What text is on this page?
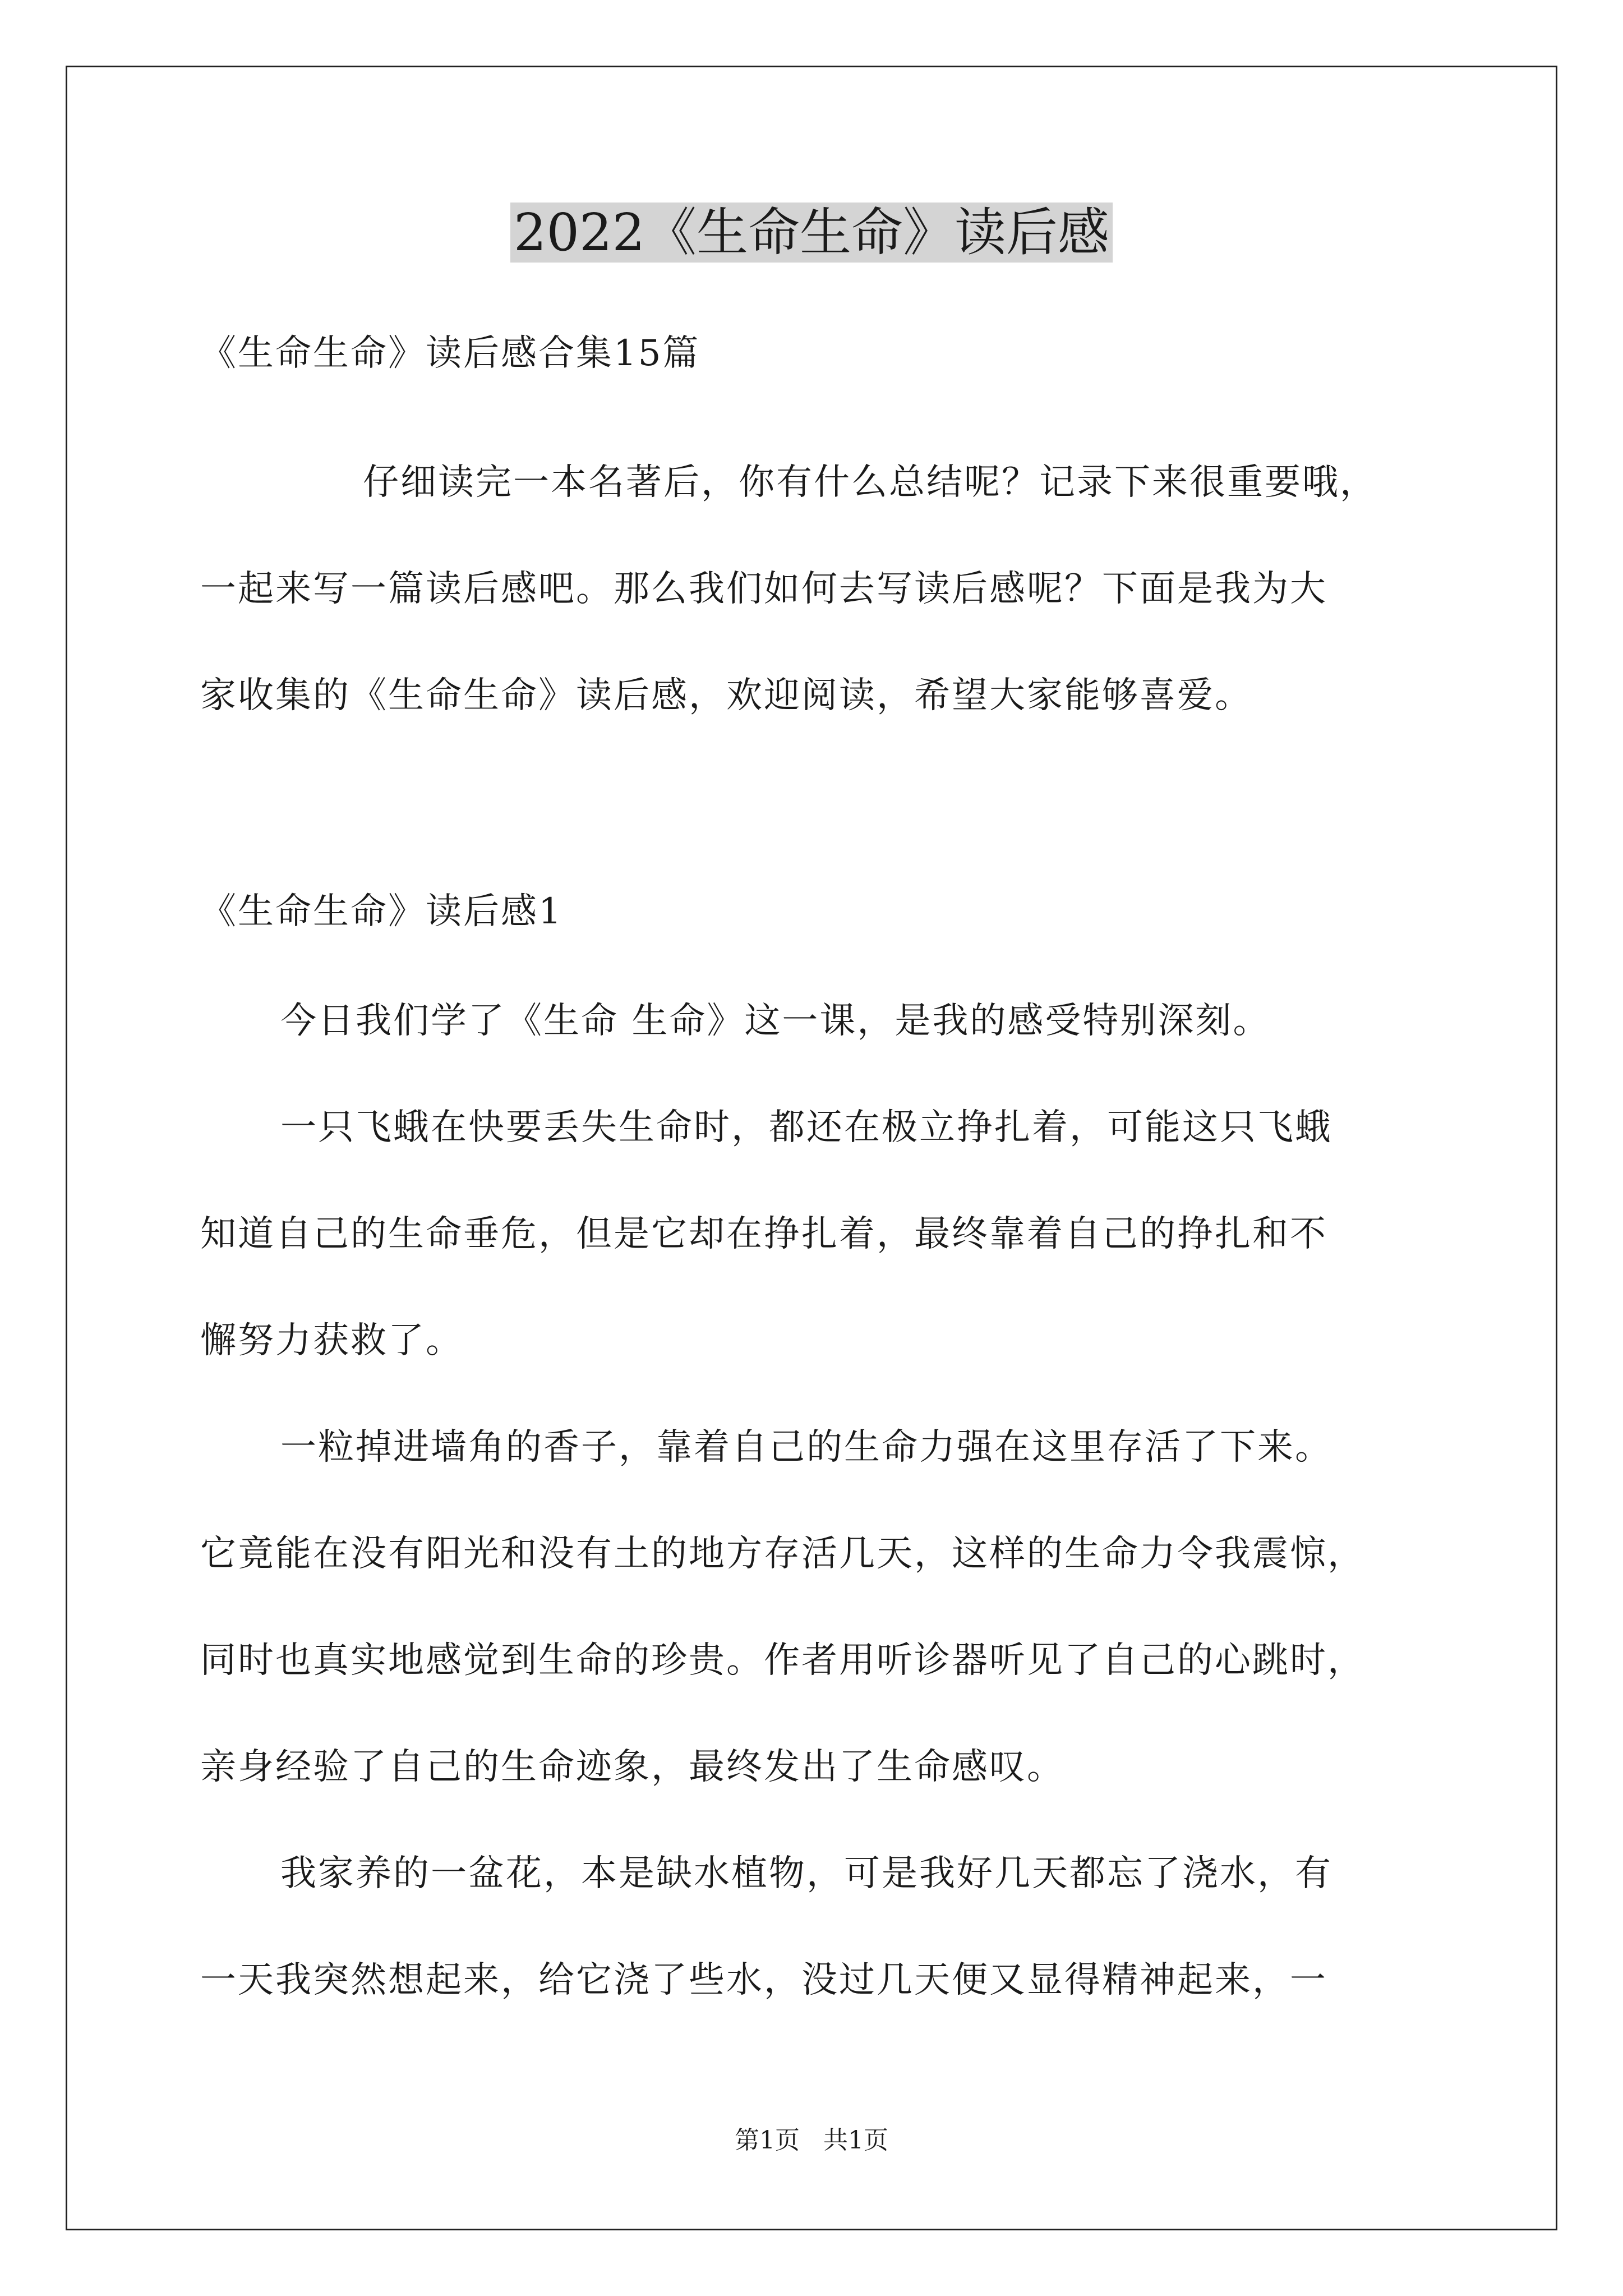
2022《生命生命》读后感
《生命生命》读后感合集15篇
仔细读完一本名著后，你有什么总结呢？记录下来很重要哦，
一起来写一篇读后感吧。那么我们如何去写读后感呢？下面是我为大
家收集的《生命生命》读后感，欢迎阅读，希望大家能够喜爱。
《生命生命》读后感1
今日我们学了《生命 生命》这一课，是我的感受特别深刻。
一只飞蛾在快要丢失生命时，都还在极立挣扎着，可能这只飞蛾
知道自己的生命垂危，但是它却在挣扎着，最终靠着自己的挣扎和不
懈努力获救了。
一粒掉进墙角的香子，靠着自己的生命力强在这里存活了下来。
它竟能在没有阳光和没有土的地方存活几天，这样的生命力令我震惊，
同时也真实地感觉到生命的珍贵。作者用听诊器听见了自己的心跳时，
亲身经验了自己的生命迹象，最终发出了生命感叹。
我家养的一盆花，本是缺水植物，可是我好几天都忘了浇水，有
一天我突然想起来，给它浇了些水，没过几天便又显得精神起来，一
第1页   共1页
